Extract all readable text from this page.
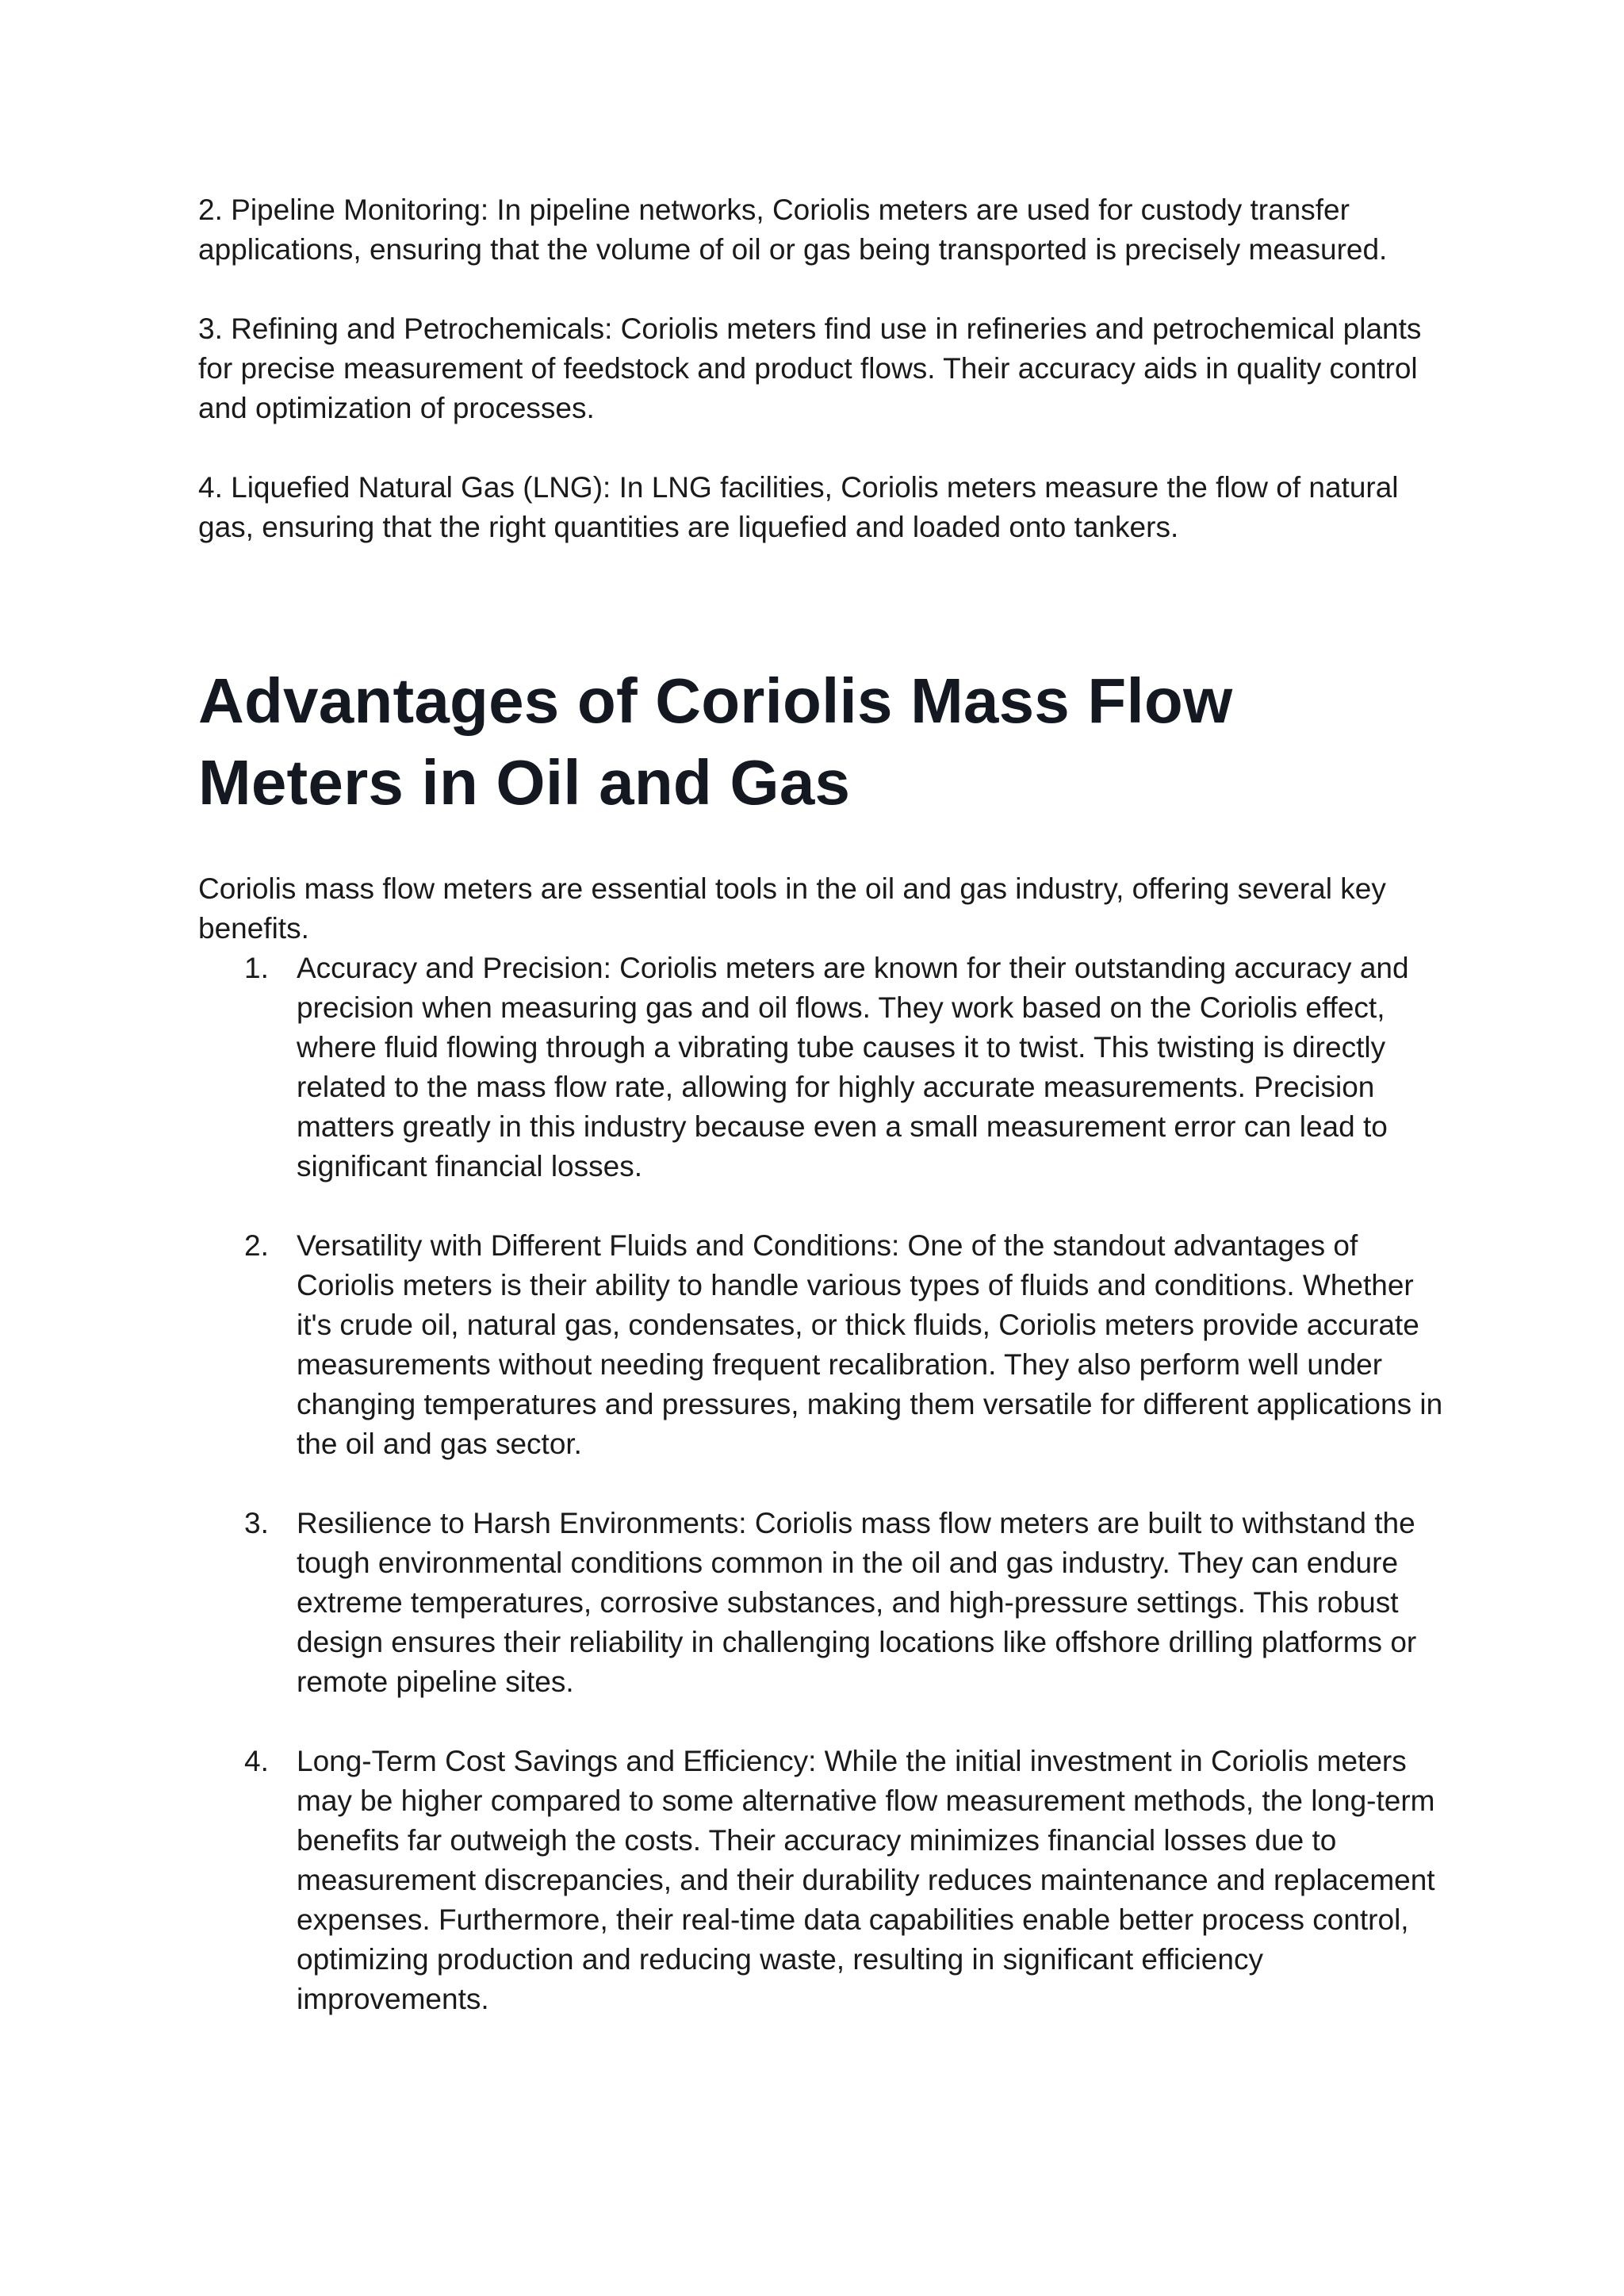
2. Pipeline Monitoring: In pipeline networks, Coriolis meters are used for custody transfer applications, ensuring that the volume of oil or gas being transported is precisely measured.

3. Refining and Petrochemicals: Coriolis meters find use in refineries and petrochemical plants for precise measurement of feedstock and product flows. Their accuracy aids in quality control and optimization of processes.

4. Liquefied Natural Gas (LNG): In LNG facilities, Coriolis meters measure the flow of natural gas, ensuring that the right quantities are liquefied and loaded onto tankers.

Advantages of Coriolis Mass Flow
Meters in Oil and Gas

Coriolis mass flow meters are essential tools in the oil and gas industry, offering several key benefits.

1. Accuracy and Precision: Coriolis meters are known for their outstanding accuracy and precision when measuring gas and oil flows. They work based on the Coriolis effect, where fluid flowing through a vibrating tube causes it to twist. This twisting is directly related to the mass flow rate, allowing for highly accurate measurements. Precision matters greatly in this industry because even a small measurement error can lead to significant financial losses.
2. Versatility with Different Fluids and Conditions: One of the standout advantages of Coriolis meters is their ability to handle various types of fluids and conditions. Whether it's crude oil, natural gas, condensates, or thick fluids, Coriolis meters provide accurate measurements without needing frequent recalibration. They also perform well under changing temperatures and pressures, making them versatile for different applications in the oil and gas sector.
3. Resilience to Harsh Environments: Coriolis mass flow meters are built to withstand the tough environmental conditions common in the oil and gas industry. They can endure extreme temperatures, corrosive substances, and high-pressure settings. This robust design ensures their reliability in challenging locations like offshore drilling platforms or remote pipeline sites.
4. Long-Term Cost Savings and Efficiency: While the initial investment in Coriolis meters may be higher compared to some alternative flow measurement methods, the long-term benefits far outweigh the costs. Their accuracy minimizes financial losses due to measurement discrepancies, and their durability reduces maintenance and replacement expenses. Furthermore, their real-time data capabilities enable better process control, optimizing production and reducing waste, resulting in significant efficiency improvements.
